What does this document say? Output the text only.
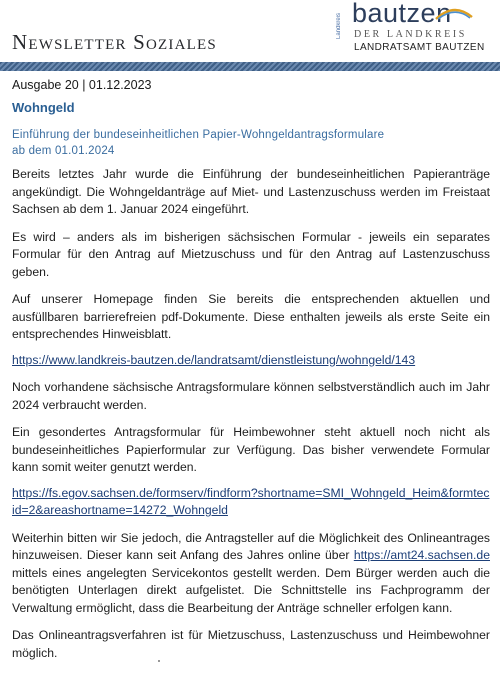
Newsletter Soziales
Landkreis bautzen
DER LANDKREIS
LANDRATSAMT BAUTZEN
Ausgabe 20 | 01.12.2023
Wohngeld
Einführung der bundeseinheitlichen Papier-Wohngeldantragsformulare
ab dem 01.01.2024

Bereits letztes Jahr wurde die Einführung der bundeseinheitlichen Papieranträge angekündigt. Die Wohngeldanträge auf Miet- und Lastenzuschuss werden im Freistaat Sachsen ab dem 1. Januar 2024 eingeführt.

Es wird – anders als im bisherigen sächsischen Formular - jeweils ein separates Formular für den Antrag auf Mietzuschuss und für den Antrag auf Lastenzuschuss geben.

Auf unserer Homepage finden Sie bereits die entsprechenden aktuellen und ausfüllbaren barrierefreien pdf-Dokumente. Diese enthalten jeweils als erste Seite ein entsprechendes Hinweisblatt.

https://www.landkreis-bautzen.de/landratsamt/dienstleistung/wohngeld/143

Noch vorhandene sächsische Antragsformulare können selbstverständlich auch im Jahr 2024 verbraucht werden.

Ein gesondertes Antragsformular für Heimbewohner steht aktuell noch nicht als bundeseinheitliches Papierformular zur Verfügung. Das bisher verwendete Formular kann somit weiter genutzt werden.

https://fs.egov.sachsen.de/formserv/findform?shortname=SMI_Wohngeld_Heim&formtecid=2&areashortname=14272_Wohngeld

Weiterhin bitten wir Sie jedoch, die Antragsteller auf die Möglichkeit des Onlineantrages hinzuweisen. Dieser kann seit Anfang des Jahres online über https://amt24.sachsen.de mittels eines angelegten Servicekontos gestellt werden. Dem Bürger werden auch die benötigten Unterlagen direkt aufgelistet. Die Schnittstelle ins Fachprogramm der Verwaltung ermöglicht, dass die Bearbeitung der Anträge schneller erfolgen kann.

Das Onlineantragsverfahren ist für Mietzuschuss, Lastenzuschuss und Heimbewohner möglich.
